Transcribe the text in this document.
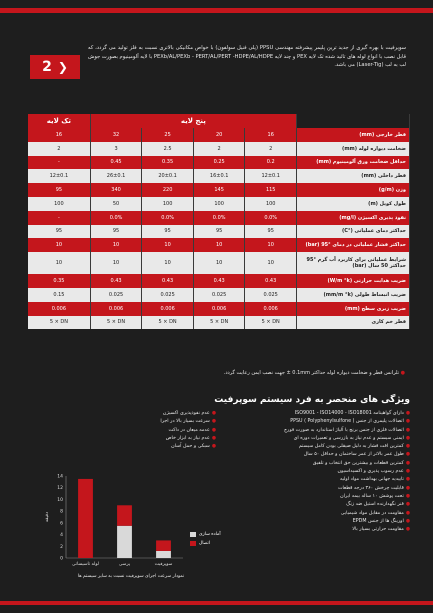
2 ❯
سوپرفیت با بهره گیری از جدید ترین پلیمر پیشرفته مهندسی PPSU (پلی فنیل سولفون) با خواص مکانیکی بالاتری نسبت به فلز تولید می گردد، که قابل نصب با انواع لوله های تائید شده تک لایه PEX و چند لایه PEXb/AL/PEXb - PERT/AL/PERT -HDPE/AL/HDPE با لایه آلومینیوم بصورت جوش لب به لب (Laser-Tig) می باشد.
تک لایه	پنج لایه				
16	32	25	20	16	قطر خارجی (mm)
2	3	2.5	2	2	ضخامت دیواره لوله (mm)
-	0.45	0.35	0.25	0.2	حداقل ضخامت ورق آلومینیوم (mm)
12±0.1	26±0.1	20±0.1	16±0.1	12±0.1	قطر داخلی (mm)
95	340	220	145	115	وزن (g/m)
100	50	100	100	100	طول کویل (m)
-	0.0%	0.0%	0.0%	0.0%	نفوذ پذیری اکسیژن (mg/l)
95	95	95	95	95	حداکثر دمای عملیاتی (°C)
10	10	10	10	10	حداکثر فشار عملیاتی در دمای °95 (bar)
10	10	10	10	10	شرایط عملیاتی برای کاربرد آب گرم °95 حداکثر 50 سال (bar)
0.35	0.43	0.43	0.43	0.43	ضریب هدایت حرارتی (W/m °k)
0.15	0.025	0.025	0.025	0.025	ضریب انبساط طولی (mm/m °k)
0.006	0.006	0.006	0.006	0.006	ضریب زبری سطح (mm)
5 × DN	5 × DN	5 × DN	5 × DN	5 × DN	قطر خم کاری
● تلرانس قطر و ضخامت دیواره لوله حداکثر 0.1mm ± جهت نصب ایمن رعایت گردد.
ویژگی های منحصر به فرد سیستم سوپرفیت
●دارای گواهینامه ISO9001 - ISO14000 - ISO18001
●اتصالات پلیمری از جنس PPSU ( Polyphenylsulfone )
●اتصالات فلزی از جنس برنج با آلیاژ استاندارد به صورت فورج
●ایمنی سیستم و عدم نیاز به بازرسی و تعمیرات دوره ای
●کمترین افت فشار به دلیل صیقلی بودن کامل سیستم
●طول عمر بالاتر از عمر ساختمان و حداقل ۵۰ سال
●کمترین قطعات و بیشترین حق انتخاب و تلفیق
●عدم رسوب پذیری و اکسیداسیون
●تاییدیه جهانی بهداشت مواد اولیه
●قابلیت چرخش ۳۶۰ درجه قطعات
●تحت پوشش ۱۰ ساله بیمه ایران
●فنر نگهدارنده استیل ضد زنگ
●مقاومت در مقابل مواد شیمیایی
●اورینگ ها از جنس EPDM
●مقاومت حرارتی بسیار بالا
●عدم نفوذپذیری اکسیژن
●سرعت بسیار بالا در اجرا
●عدمه میعان در داکت
●عدم نیاز به ابزار خاص
●سبکی و حمل آسان
0
2
4
6
8
10
12
14
دقیقه
لوله تاسیساتی	پرسی	سوپرفیت
نمودار سرعت اجرای سوپرفیت نسبت به سایر سیستم ها
آماده سازی
اتصال
